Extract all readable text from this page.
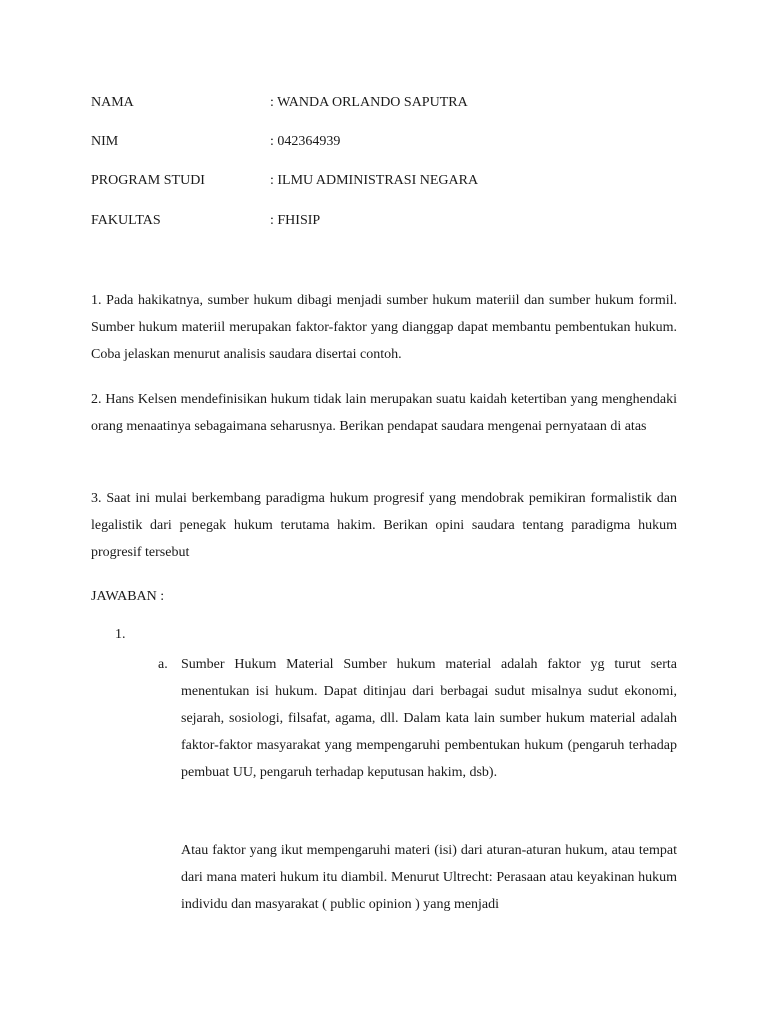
NAMA	: WANDA ORLANDO SAPUTRA
NIM	: 042364939
PROGRAM STUDI	: ILMU ADMINISTRASI NEGARA
FAKULTAS	: FHISIP

1. Pada hakikatnya, sumber hukum dibagi menjadi sumber hukum materiil dan sumber hukum formil. Sumber hukum materiil merupakan faktor-faktor yang dianggap dapat membantu pembentukan hukum. Coba jelaskan menurut analisis saudara disertai contoh.

2. Hans Kelsen mendefinisikan hukum tidak lain merupakan suatu kaidah ketertiban yang menghendaki orang menaatinya sebagaimana seharusnya. Berikan pendapat saudara mengenai pernyataan di atas

3. Saat ini mulai berkembang paradigma hukum progresif yang mendobrak pemikiran formalistik dan legalistik dari penegak hukum terutama hakim. Berikan opini saudara tentang paradigma hukum progresif tersebut

JAWABAN :

1.
a. Sumber Hukum Material Sumber hukum material adalah faktor yg turut serta menentukan isi hukum. Dapat ditinjau dari berbagai sudut misalnya sudut ekonomi, sejarah, sosiologi, filsafat, agama, dll. Dalam kata lain sumber hukum material adalah faktor-faktor masyarakat yang mempengaruhi pembentukan hukum (pengaruh terhadap pembuat UU, pengaruh terhadap keputusan hakim, dsb).

Atau faktor yang ikut mempengaruhi materi (isi) dari aturan-aturan hukum, atau tempat dari mana materi hukum itu diambil. Menurut Ultrecht: Perasaan atau keyakinan hukum individu dan masyarakat ( public opinion ) yang menjadi
